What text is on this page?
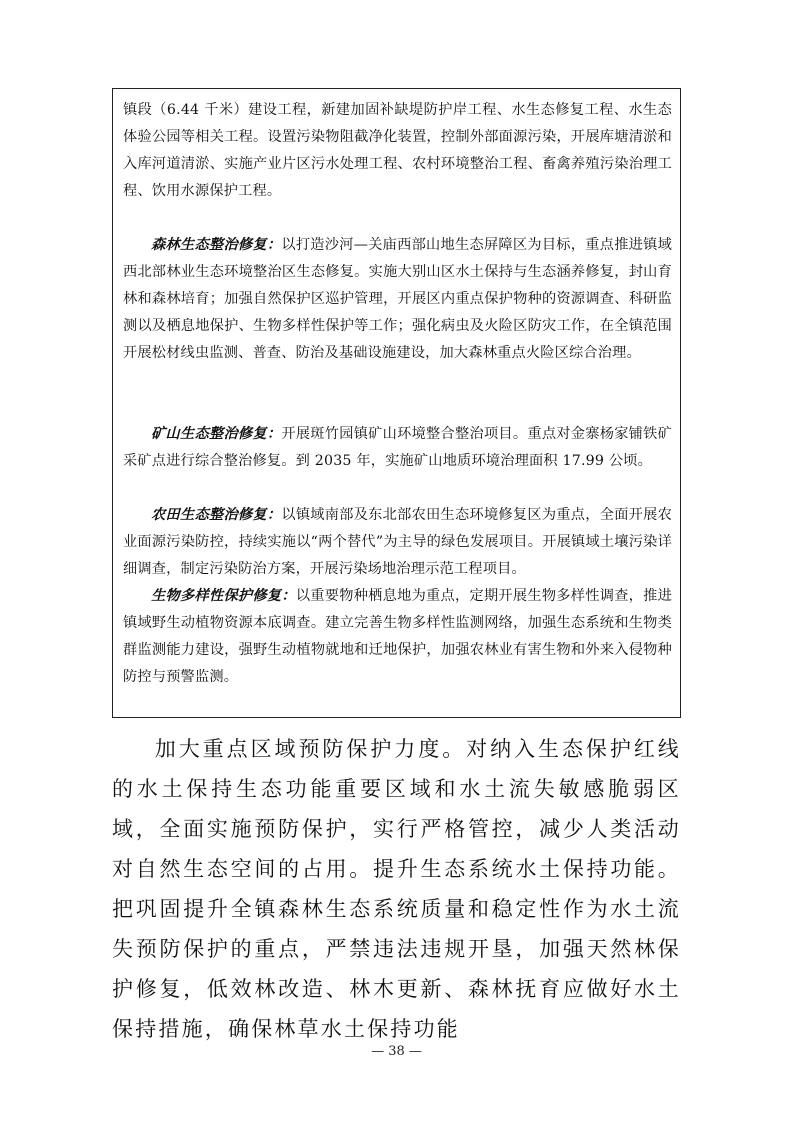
镇段（6.44 千米）建设工程，新建加固补缺堤防护岸工程、水生态修复工程、水生态体验公园等相关工程。设置污染物阻截净化装置，控制外部面源污染，开展库塘清淤和入库河道清淤、实施产业片区污水处理工程、农村环境整治工程、畜禽养殖污染治理工程、饮用水源保护工程。

森林生态整治修复：以打造沙河—关庙西部山地生态屏障区为目标，重点推进镇域西北部林业生态环境整治区生态修复。实施大别山区水土保持与生态涵养修复，封山育林和森林培育；加强自然保护区巡护管理，开展区内重点保护物种的资源调查、科研监测以及栖息地保护、生物多样性保护等工作；强化病虫及火险区防灾工作，在全镇范围开展松材线虫监测、普查、防治及基础设施建设，加大森林重点火险区综合治理。

矿山生态整治修复：开展斑竹园镇矿山环境整合整治项目。重点对金寨杨家铺铁矿采矿点进行综合整治修复。到 2035 年，实施矿山地质环境治理面积 17.99 公顷。

农田生态整治修复：以镇域南部及东北部农田生态环境修复区为重点，全面开展农业面源污染防控，持续实施以“两个替代”为主导的绿色发展项目。开展镇域土壤污染详细调查，制定污染防治方案，开展污染场地治理示范工程项目。

生物多样性保护修复：以重要物种栖息地为重点，定期开展生物多样性调查，推进镇域野生动植物资源本底调查。建立完善生物多样性监测网络，加强生态系统和生物类群监测能力建设，强野生动植物就地和迁地保护，加强农林业有害生物和外来入侵物种防控与预警监测。

加大重点区域预防保护力度。对纳入生态保护红线的水土保持生态功能重要区域和水土流失敏感脆弱区域，全面实施预防保护，实行严格管控，减少人类活动对自然生态空间的占用。提升生态系统水土保持功能。把巩固提升全镇森林生态系统质量和稳定性作为水土流失预防保护的重点，严禁违法违规开垦，加强天然林保护修复，低效林改造、林木更新、森林抚育应做好水土保持措施，确保林草水土保持功能

— 38 —
